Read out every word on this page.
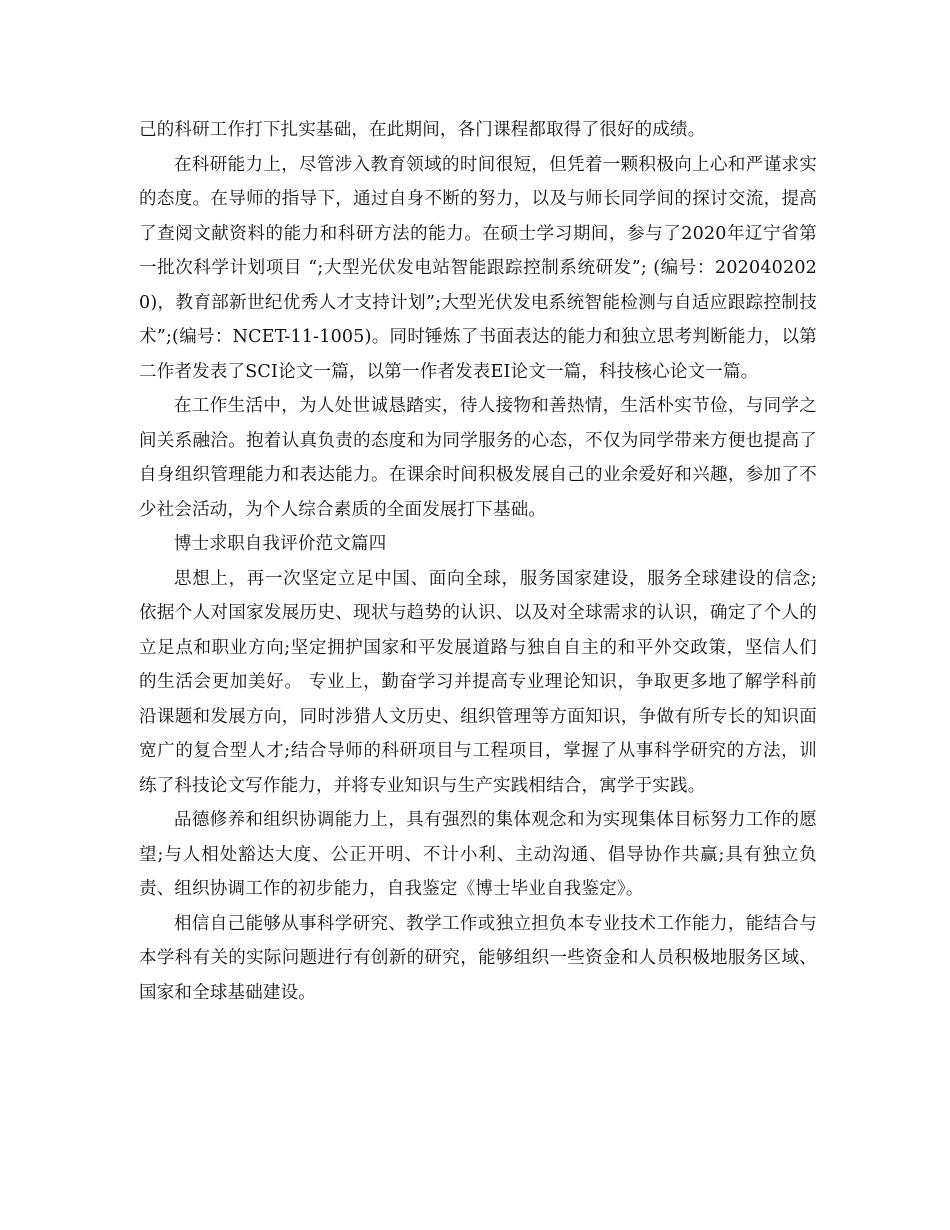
己的科研工作打下扎实基础，在此期间，各门课程都取得了很好的成绩。

在科研能力上，尽管涉入教育领域的时间很短，但凭着一颗积极向上心和严谨求实的态度。在导师的指导下，通过自身不断的努力，以及与师长同学间的探讨交流，提高了查阅文献资料的能力和科研方法的能力。在硕士学习期间，参与了2020年辽宁省第一批次科学计划项目 “;大型光伏发电站智能跟踪控制系统研发”; (编号：2020402020)，教育部新世纪优秀人才支持计划”;大型光伏发电系统智能检测与自适应跟踪控制技术”;(编号：NCET-11-1005)。同时锤炼了书面表达的能力和独立思考判断能力，以第二作者发表了SCI论文一篇，以第一作者发表EI论文一篇，科技核心论文一篇。

在工作生活中，为人处世诚恳踏实，待人接物和善热情，生活朴实节俭，与同学之间关系融洽。抱着认真负责的态度和为同学服务的心态，不仅为同学带来方便也提高了自身组织管理能力和表达能力。在课余时间积极发展自己的业余爱好和兴趣，参加了不少社会活动，为个人综合素质的全面发展打下基础。

博士求职自我评价范文篇四

思想上，再一次坚定立足中国、面向全球，服务国家建设，服务全球建设的信念;依据个人对国家发展历史、现状与趋势的认识、以及对全球需求的认识，确定了个人的立足点和职业方向;坚定拥护国家和平发展道路与独自自主的和平外交政策，坚信人们的生活会更加美好。 专业上，勤奋学习并提高专业理论知识，争取更多地了解学科前沿课题和发展方向，同时涉猎人文历史、组织管理等方面知识，争做有所专长的知识面宽广的复合型人才;结合导师的科研项目与工程项目，掌握了从事科学研究的方法，训练了科技论文写作能力，并将专业知识与生产实践相结合，寓学于实践。

品德修养和组织协调能力上，具有强烈的集体观念和为实现集体目标努力工作的愿望;与人相处豁达大度、公正开明、不计小利、主动沟通、倡导协作共赢;具有独立负责、组织协调工作的初步能力，自我鉴定《博士毕业自我鉴定》。

相信自己能够从事科学研究、教学工作或独立担负本专业技术工作能力，能结合与本学科有关的实际问题进行有创新的研究，能够组织一些资金和人员积极地服务区域、国家和全球基础建设。
